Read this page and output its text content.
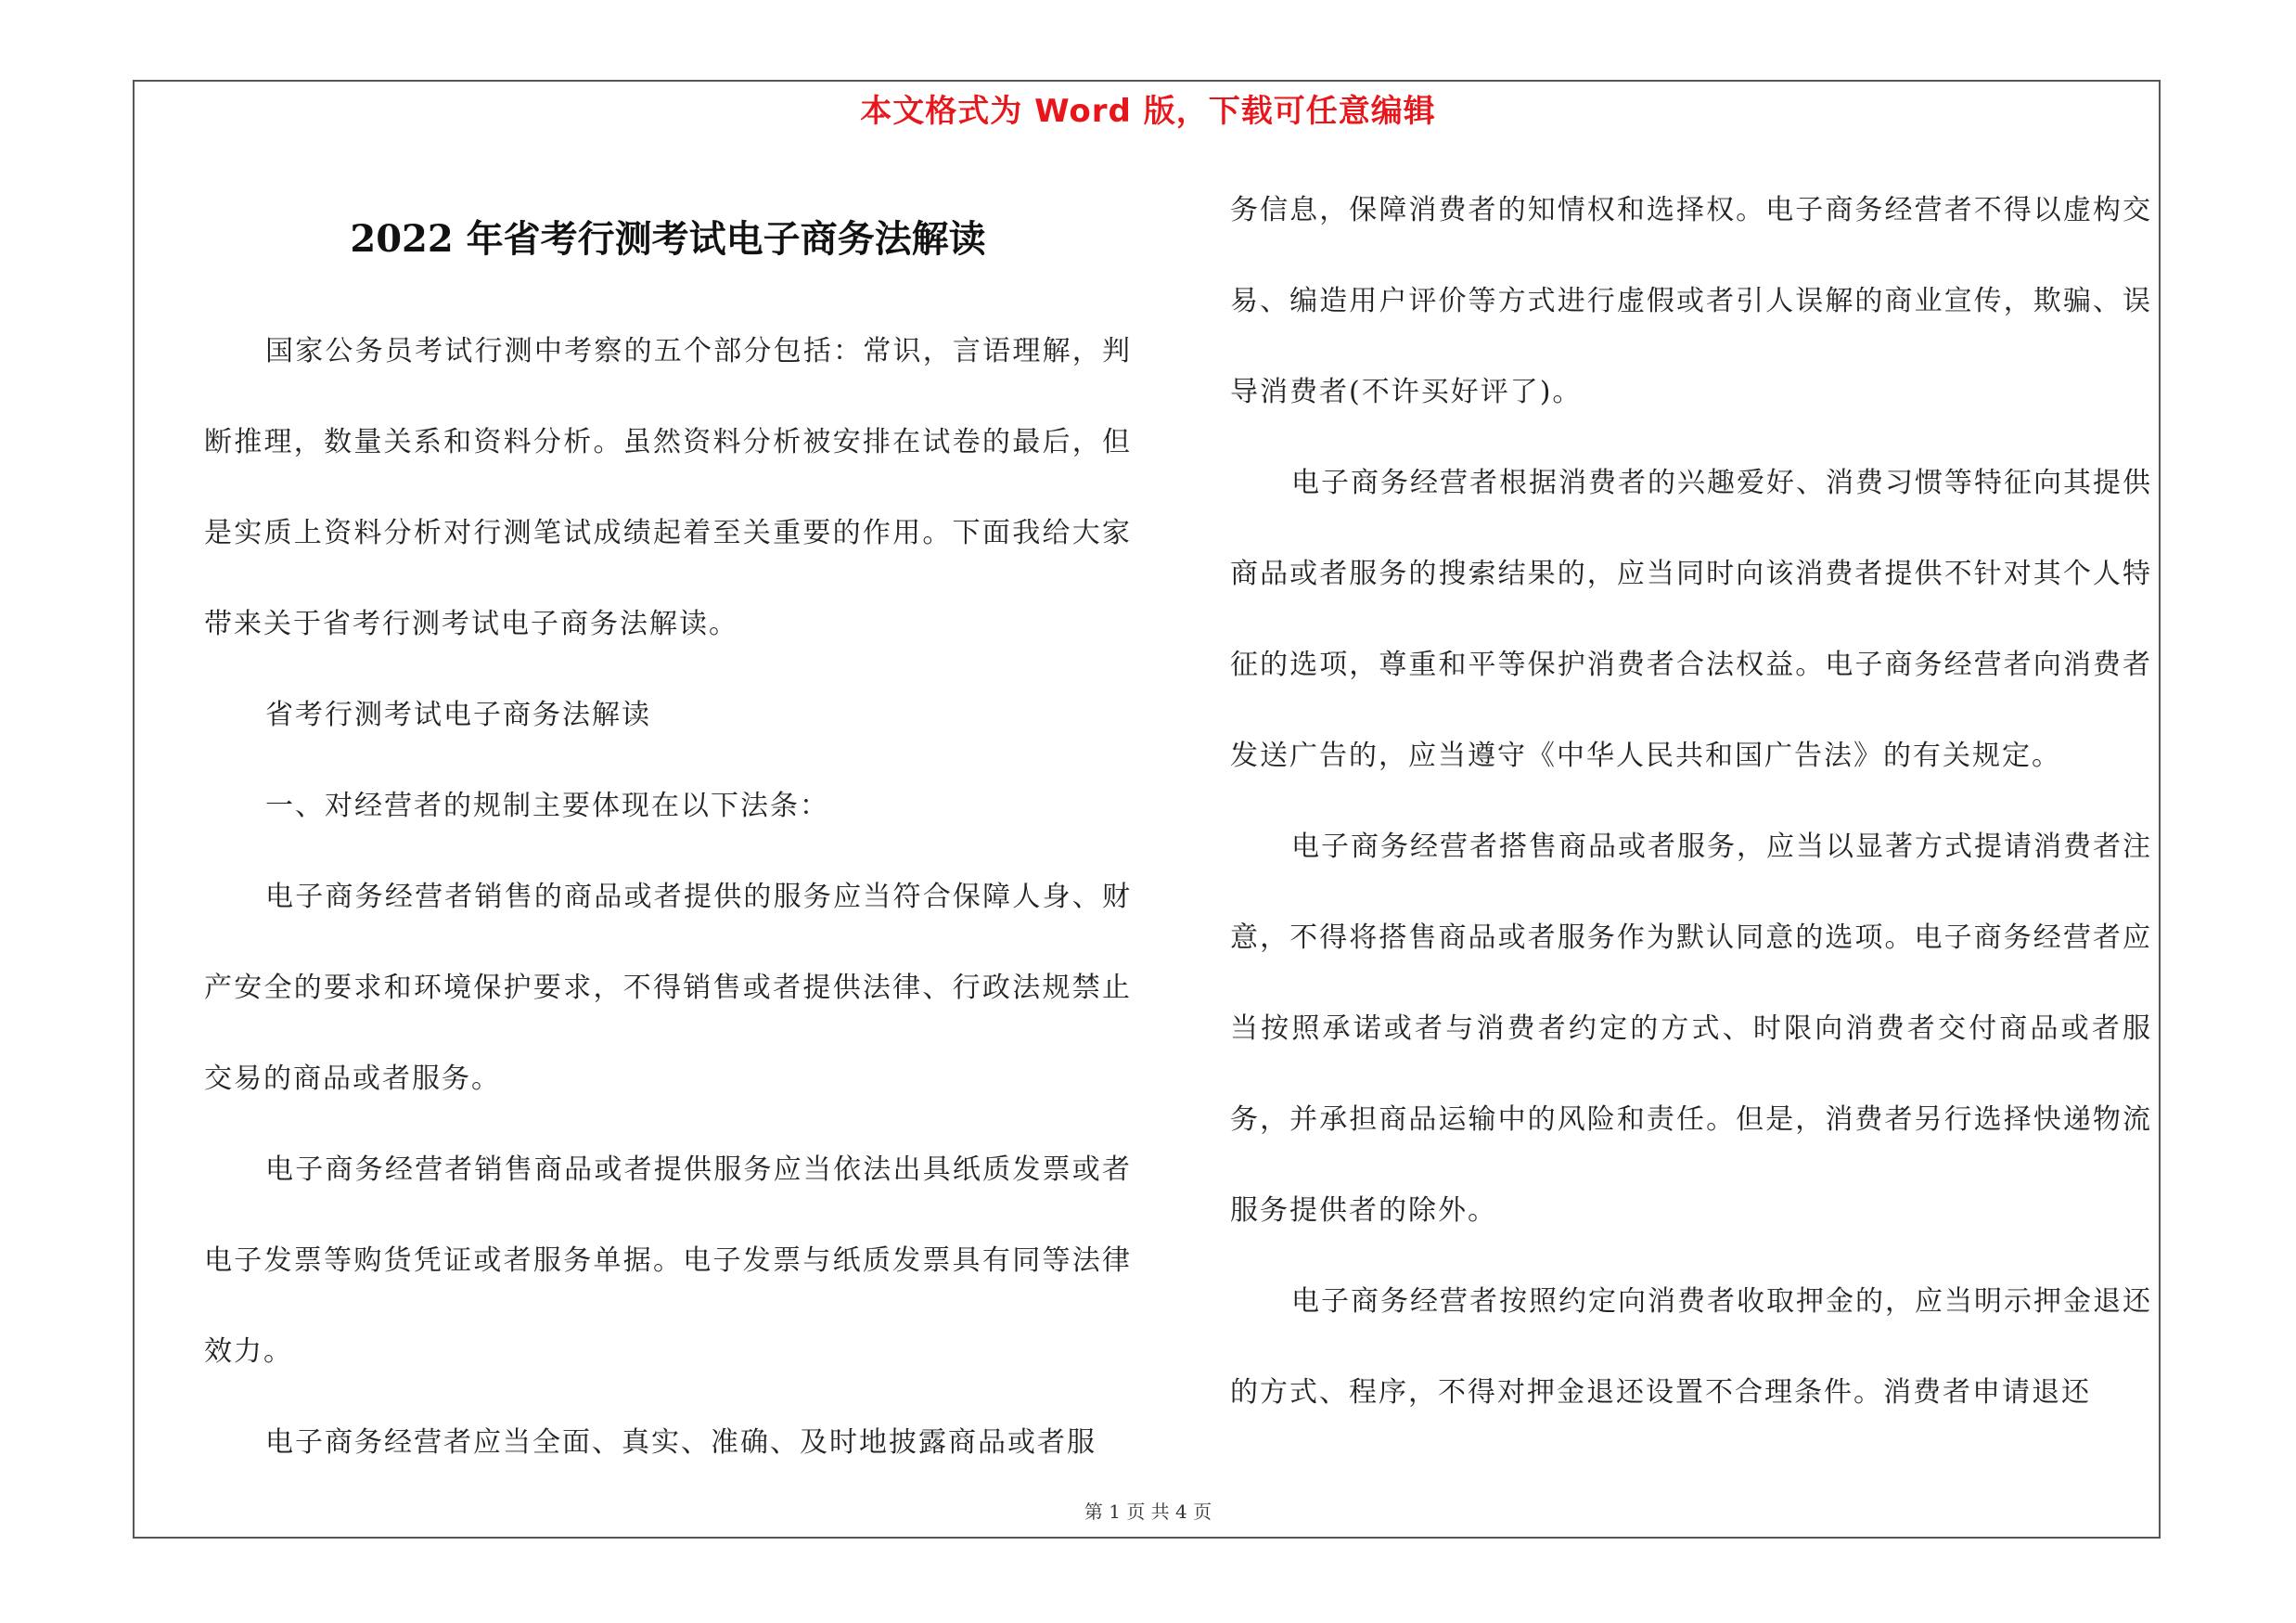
本文格式为 Word 版，下载可任意编辑
2022 年省考行测考试电子商务法解读

国家公务员考试行测中考察的五个部分包括：常识，言语理解，判断推理，数量关系和资料分析。虽然资料分析被安排在试卷的最后，但是实质上资料分析对行测笔试成绩起着至关重要的作用。下面我给大家带来关于省考行测考试电子商务法解读。

省考行测考试电子商务法解读

一、对经营者的规制主要体现在以下法条：

电子商务经营者销售的商品或者提供的服务应当符合保障人身、财产安全的要求和环境保护要求，不得销售或者提供法律、行政法规禁止交易的商品或者服务。

电子商务经营者销售商品或者提供服务应当依法出具纸质发票或者电子发票等购货凭证或者服务单据。电子发票与纸质发票具有同等法律效力。

电子商务经营者应当全面、真实、准确、及时地披露商品或者服

务信息，保障消费者的知情权和选择权。电子商务经营者不得以虚构交易、编造用户评价等方式进行虚假或者引人误解的商业宣传，欺骗、误导消费者(不许买好评了)。

电子商务经营者根据消费者的兴趣爱好、消费习惯等特征向其提供商品或者服务的搜索结果的，应当同时向该消费者提供不针对其个人特征的选项，尊重和平等保护消费者合法权益。电子商务经营者向消费者发送广告的，应当遵守《中华人民共和国广告法》的有关规定。

电子商务经营者搭售商品或者服务，应当以显著方式提请消费者注意，不得将搭售商品或者服务作为默认同意的选项。电子商务经营者应当按照承诺或者与消费者约定的方式、时限向消费者交付商品或者服务，并承担商品运输中的风险和责任。但是，消费者另行选择快递物流服务提供者的除外。

电子商务经营者按照约定向消费者收取押金的，应当明示押金退还的方式、程序，不得对押金退还设置不合理条件。消费者申请退还

第 1 页 共 4 页
